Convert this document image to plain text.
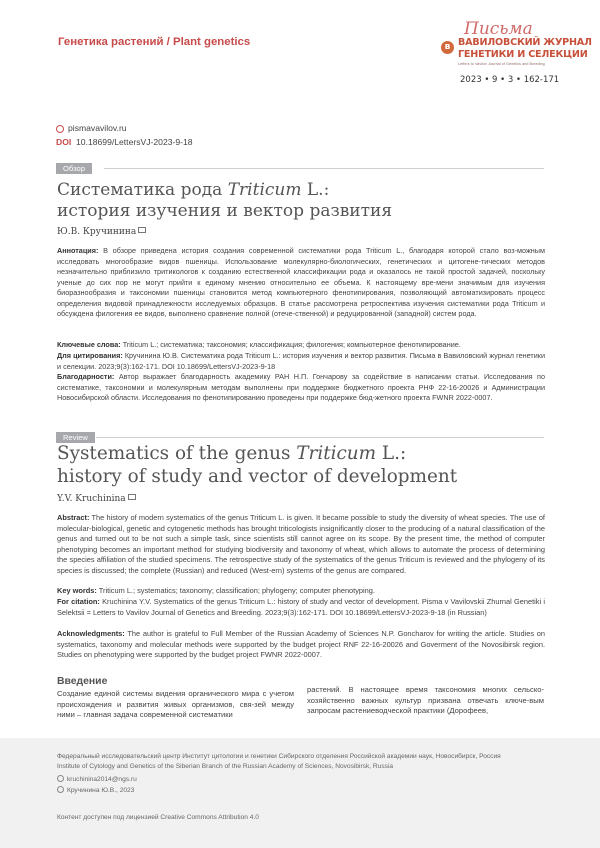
Генетика растений / Plant genetics
Письма
в ВАВИЛОВСКИЙ ЖУРНАЛ
ГЕНЕТИКИ И СЕЛЕКЦИИ
Letters to Vavilov Journal of Genetics and Breeding
2023 • 9 • 3 • 162-171
pismavavilov.ru
DOI 10.18699/LettersVJ-2023-9-18
Обзор
Систематика рода Triticum L.:
история изучения и вектор развития
Ю.В. Кручинина
Аннотация: В обзоре приведена история создания современной систематики рода Triticum L., благодаря которой стало воз-можным исследовать многообразие видов пшеницы. Использование молекулярно-биологических, генетических и цитогене-тических методов незначительно приблизило тритикологов к созданию естественной классификации рода и оказалось не такой простой задачей, поскольку ученые до сих пор не могут прийти к единому мнению относительно ее объема. К настоящему вре-мени значимым для изучения биоразнообразия и таксономии пшеницы становится метод компьютерного фенотипирования, позволяющий автоматизировать процесс определения видовой принадлежности исследуемых образцов. В статье рассмотрена ретроспектива изучения систематики рода Triticum и обсуждена филогения ее видов, выполнено сравнение полной (отече-ственной) и редуцированной (западной) систем рода.
Ключевые слова: Triticum L.; систематика; таксономия; классификация; филогения; компьютерное фенотипирование.
Для цитирования: Кручинина Ю.В. Систематика рода Triticum L.: история изучения и вектор развития. Письма в Вавиловский журнал генетики и селекции. 2023;9(3):162-171. DOI 10.18699/LettersVJ-2023-9-18
Благодарности: Автор выражает благодарность академику РАН Н.П. Гончарову за содействие в написании статьи. Исследования по систематике, таксономии и молекулярным методам выполнены при поддержке бюджетного проекта РНФ 22-16-20026 и Администрации Новосибирской области. Исследования по фенотипированию проведены при поддержке бюд-жетного проекта FWNR 2022-0007.
Review
Systematics of the genus Triticum L.:
history of study and vector of development
Y.V. Kruchinina
Abstract: The history of modern systematics of the genus Triticum L. is given. It became possible to study the diversity of wheat species. The use of molecular-biological, genetic and cytogenetic methods has brought triticologists insignificantly closer to the producing of a natural classification of the genus and turned out to be not such a simple task, since scientists still cannot agree on its scope. By the present time, the method of computer phenotyping becomes an important method for studying biodiversity and taxonomy of wheat, which allows to automate the process of determining the species affiliation of the studied specimens. The retrospective study of the systematics of the genus Triticum is reviewed and the phylogeny of its species is discussed; the complete (Russian) and reduced (West-ern) systems of the genus are compared.
Key words: Triticum L.; systematics; taxonomy; classification; phylogeny; computer phenotyping.
For citation: Kruchinina Y.V. Systematics of the genus Triticum L.: history of study and vector of development. Pisma v Vavilovskii Zhurnal Genetiki i Selektsii = Letters to Vavilov Journal of Genetics and Breeding. 2023;9(3):162-171. DOI 10.18699/LettersVJ-2023-9-18 (in Russian)
Acknowledgments: The author is grateful to Full Member of the Russian Academy of Sciences N.P. Goncharov for writing the article. Studies on systematics, taxonomy and molecular methods were supported by the budget project RNF 22-16-20026 and Goverment of the Novosibirsk region. Studies on phenotyping were supported by the budget project FWNR 2022-0007.
Введение
Создание единой системы видения органического мира с учетом происхождения и развития живых организмов, свя-зей между ними – главная задача современной систематики
растений. В настоящее время таксономия многих сельско-хозяйственно важных культур призвана отвечать ключе-вым запросам растениеводческой практики (Дорофеев,
Федеральный исследовательский центр Институт цитологии и генетики Сибирского отделения Российской академии наук, Новосибирск, Россия
Institute of Cytology and Genetics of the Siberian Branch of the Russian Academy of Sciences, Novosibirsk, Russia
kruchinina2014@ngs.ru
Кручинина Ю.В., 2023
Контент доступен под лицензией Creative Commons Attribution 4.0
